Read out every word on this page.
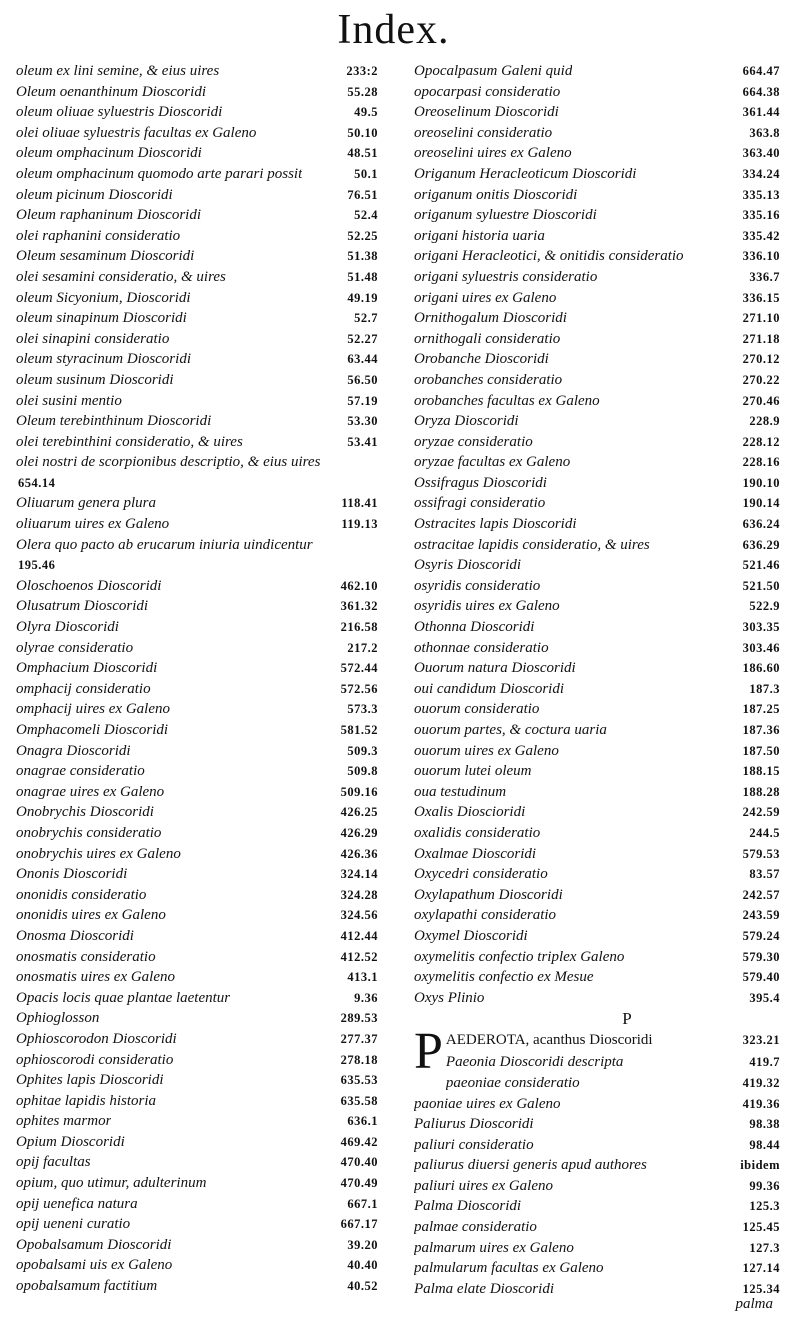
Index.
oleum ex lini semine, & eius uires	233:2
Oleum oenanthinum Dioscoridi	55.28
oleum oliuae syluestris Dioscoridi	49.5
olei oliuae syluestris facultas ex Galeno	50.10
oleum omphacinum Dioscoridi	48.51
oleum omphacinum quomodo arte parari possit	50.1
oleum picinum Dioscoridi	76.51
Oleum raphaninum Dioscoridi	52.4
olei raphanini consideratio	52.25
Oleum sesaminum Dioscoridi	51.38
olei sesamini consideratio, & uires	51.48
oleum Sicyonium, Dioscoridi	49.19
oleum sinapinum Dioscoridi	52.7
olei sinapini consideratio	52.27
oleum styracinum Dioscoridi	63.44
oleum susinum Dioscoridi	56.50
olei susini mentio	57.19
Oleum terebinthinum Dioscoridi	53.30
olei terebinthini consideratio, & uires	53.41
olei nostri de scorpionibus descriptio, & eius uires
654.14
Oliuarum genera plura	118.41
oliuarum uires ex Galeno	119.13
Olera quo pacto ab erucarum iniuria uindicentur
195.46
Oloschoenos Dioscoridi	462.10
Olusatrum Dioscoridi	361.32
Olyra Dioscoridi	216.58
olyrae consideratio	217.2
Omphacium Dioscoridi	572.44
omphacij consideratio	572.56
omphacij uires ex Galeno	573.3
Omphacomeli Dioscoridi	581.52
Onagra Dioscoridi	509.3
onagrae consideratio	509.8
onagrae uires ex Galeno	509.16
Onobrychis Dioscoridi	426.25
onobrychis consideratio	426.29
onobrychis uires ex Galeno	426.36
Ononis Dioscoridi	324.14
ononidis consideratio	324.28
ononidis uires ex Galeno	324.56
Onosma Dioscoridi	412.44
onosmatis consideratio	412.52
onosmatis uires ex Galeno	413.1
Opacis locis quae plantae laetentur	9.36
Ophioglosson	289.53
Ophioscorodon Dioscoridi	277.37
ophioscorodi consideratio	278.18
Ophites lapis Dioscoridi	635.53
ophitae lapidis historia	635.58
ophites marmor	636.1
Opium Dioscoridi	469.42
opij facultas	470.40
opium, quo utimur, adulterinum	470.49
opij uenefica natura	667.1
opij ueneni curatio	667.17
Opobalsamum Dioscoridi	39.20
opobalsami uis ex Galeno	40.40
opobalsamum factitium	40.52
Opocalpasum Galeni quid	664.47
opocarpasi consideratio	664.38
Oreoselinum Dioscoridi	361.44
oreoselini consideratio	363.8
oreoselini uires ex Galeno	363.40
Origanum Heracleoticum Dioscoridi	334.24
origanum onitis Dioscoridi	335.13
origanum syluestre Dioscoridi	335.16
origani historia uaria	335.42
origani Heracleotici, & onitidis consideratio	336.10
origani syluestris consideratio	336.7
origani uires ex Galeno	336.15
Ornithogalum Dioscoridi	271.10
ornithogali consideratio	271.18
Orobanche Dioscoridi	270.12
orobanches consideratio	270.22
orobanches facultas ex Galeno	270.46
Oryza Dioscoridi	228.9
oryzae consideratio	228.12
oryzae facultas ex Galeno	228.16
Ossifragus Dioscoridi	190.10
ossifragi consideratio	190.14
Ostracites lapis Dioscoridi	636.24
ostracitae lapidis consideratio, & uires	636.29
Osyris Dioscoridi	521.46
osyridis consideratio	521.50
osyridis uires ex Galeno	522.9
Othonna Dioscoridi	303.35
othonnae consideratio	303.46
Ouorum natura Dioscoridi	186.60
oui candidum Dioscoridi	187.3
ouorum consideratio	187.25
ouorum partes, & coctura uaria	187.36
ouorum uires ex Galeno	187.50
ouorum lutei oleum	188.15
oua testudinum	188.28
Oxalis Dioscioridi	242.59
oxalidis consideratio	244.5
Oxalmae Dioscoridi	579.53
Oxycedri consideratio	83.57
Oxylapathum Dioscoridi	242.57
oxylapathi consideratio	243.59
Oxymel Dioscoridi	579.24
oxymelitis confectio triplex Galeno	579.30
oxymelitis confectio ex Mesue	579.40
Oxys Plinio	395.4
P
P AEDEROTA, acanthus Dioscoridi	323.21
Paeonia Dioscoridi descripta	419.7
paeoniae consideratio	419.32
paoniae uires ex Galeno	419.36
Paliurus Dioscoridi	98.38
paliuri consideratio	98.44
paliurus diuersi generis apud authores	ibidem
paliuri uires ex Galeno	99.36
Palma Dioscoridi	125.3
palmae consideratio	125.45
palmarum uires ex Galeno	127.3
palmularum facultas ex Galeno	127.14
Palma elate Dioscoridi	125.34
palma
